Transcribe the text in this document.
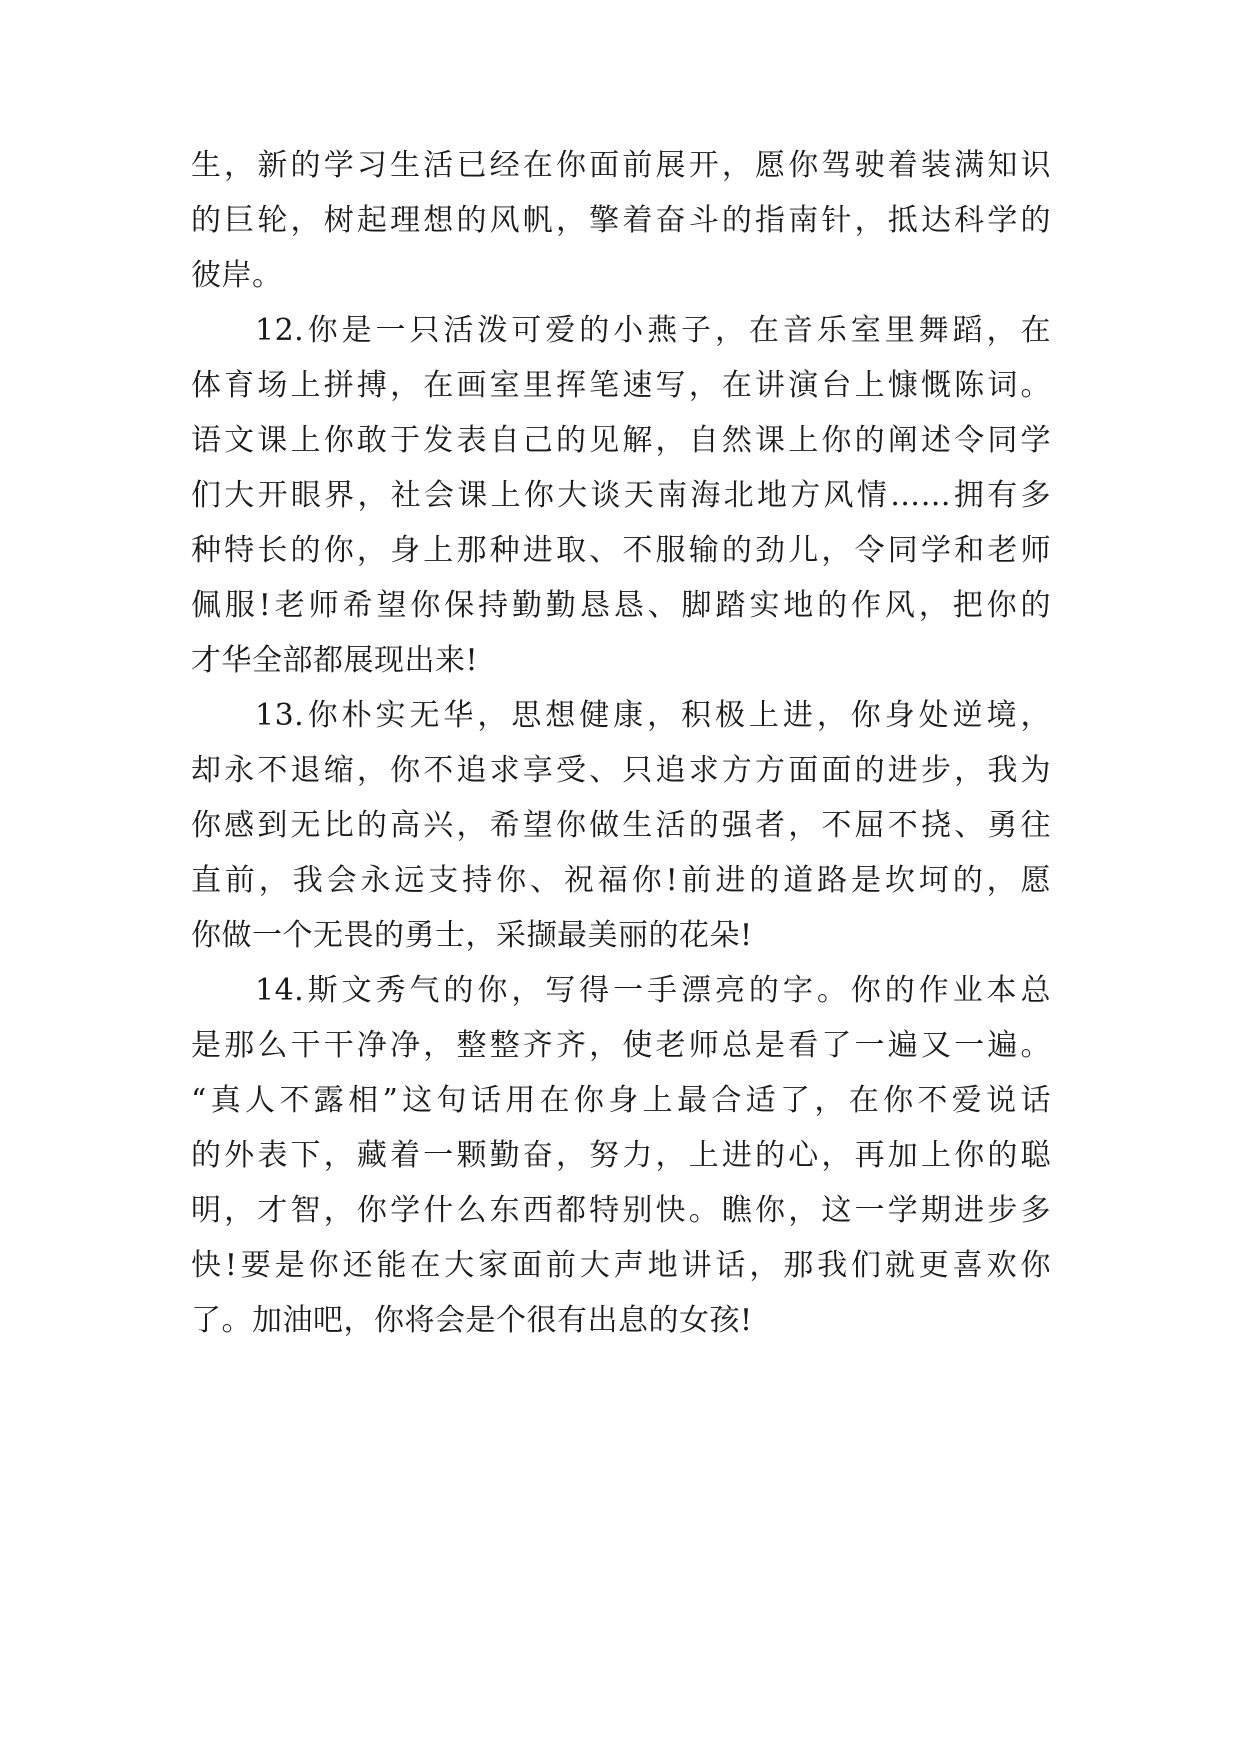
生，新的学习生活已经在你面前展开，愿你驾驶着装满知识
的巨轮，树起理想的风帆，擎着奋斗的指南针，抵达科学的
彼岸。
12.你是一只活泼可爱的小燕子，在音乐室里舞蹈，在
体育场上拼搏，在画室里挥笔速写，在讲演台上慷慨陈词。
语文课上你敢于发表自己的见解，自然课上你的阐述令同学
们大开眼界，社会课上你大谈天南海北地方风情……拥有多
种特长的你，身上那种进取、不服输的劲儿，令同学和老师
佩服!老师希望你保持勤勤恳恳、脚踏实地的作风，把你的
才华全部都展现出来!
13.你朴实无华，思想健康，积极上进，你身处逆境，
却永不退缩，你不追求享受、只追求方方面面的进步，我为
你感到无比的高兴，希望你做生活的强者，不屈不挠、勇往
直前，我会永远支持你、祝福你!前进的道路是坎坷的，愿
你做一个无畏的勇士，采撷最美丽的花朵!
14.斯文秀气的你，写得一手漂亮的字。你的作业本总
是那么干干净净，整整齐齐，使老师总是看了一遍又一遍。
“真人不露相”这句话用在你身上最合适了，在你不爱说话
的外表下，藏着一颗勤奋，努力，上进的心，再加上你的聪
明，才智，你学什么东西都特别快。瞧你，这一学期进步多
快!要是你还能在大家面前大声地讲话，那我们就更喜欢你
了。加油吧，你将会是个很有出息的女孩!
